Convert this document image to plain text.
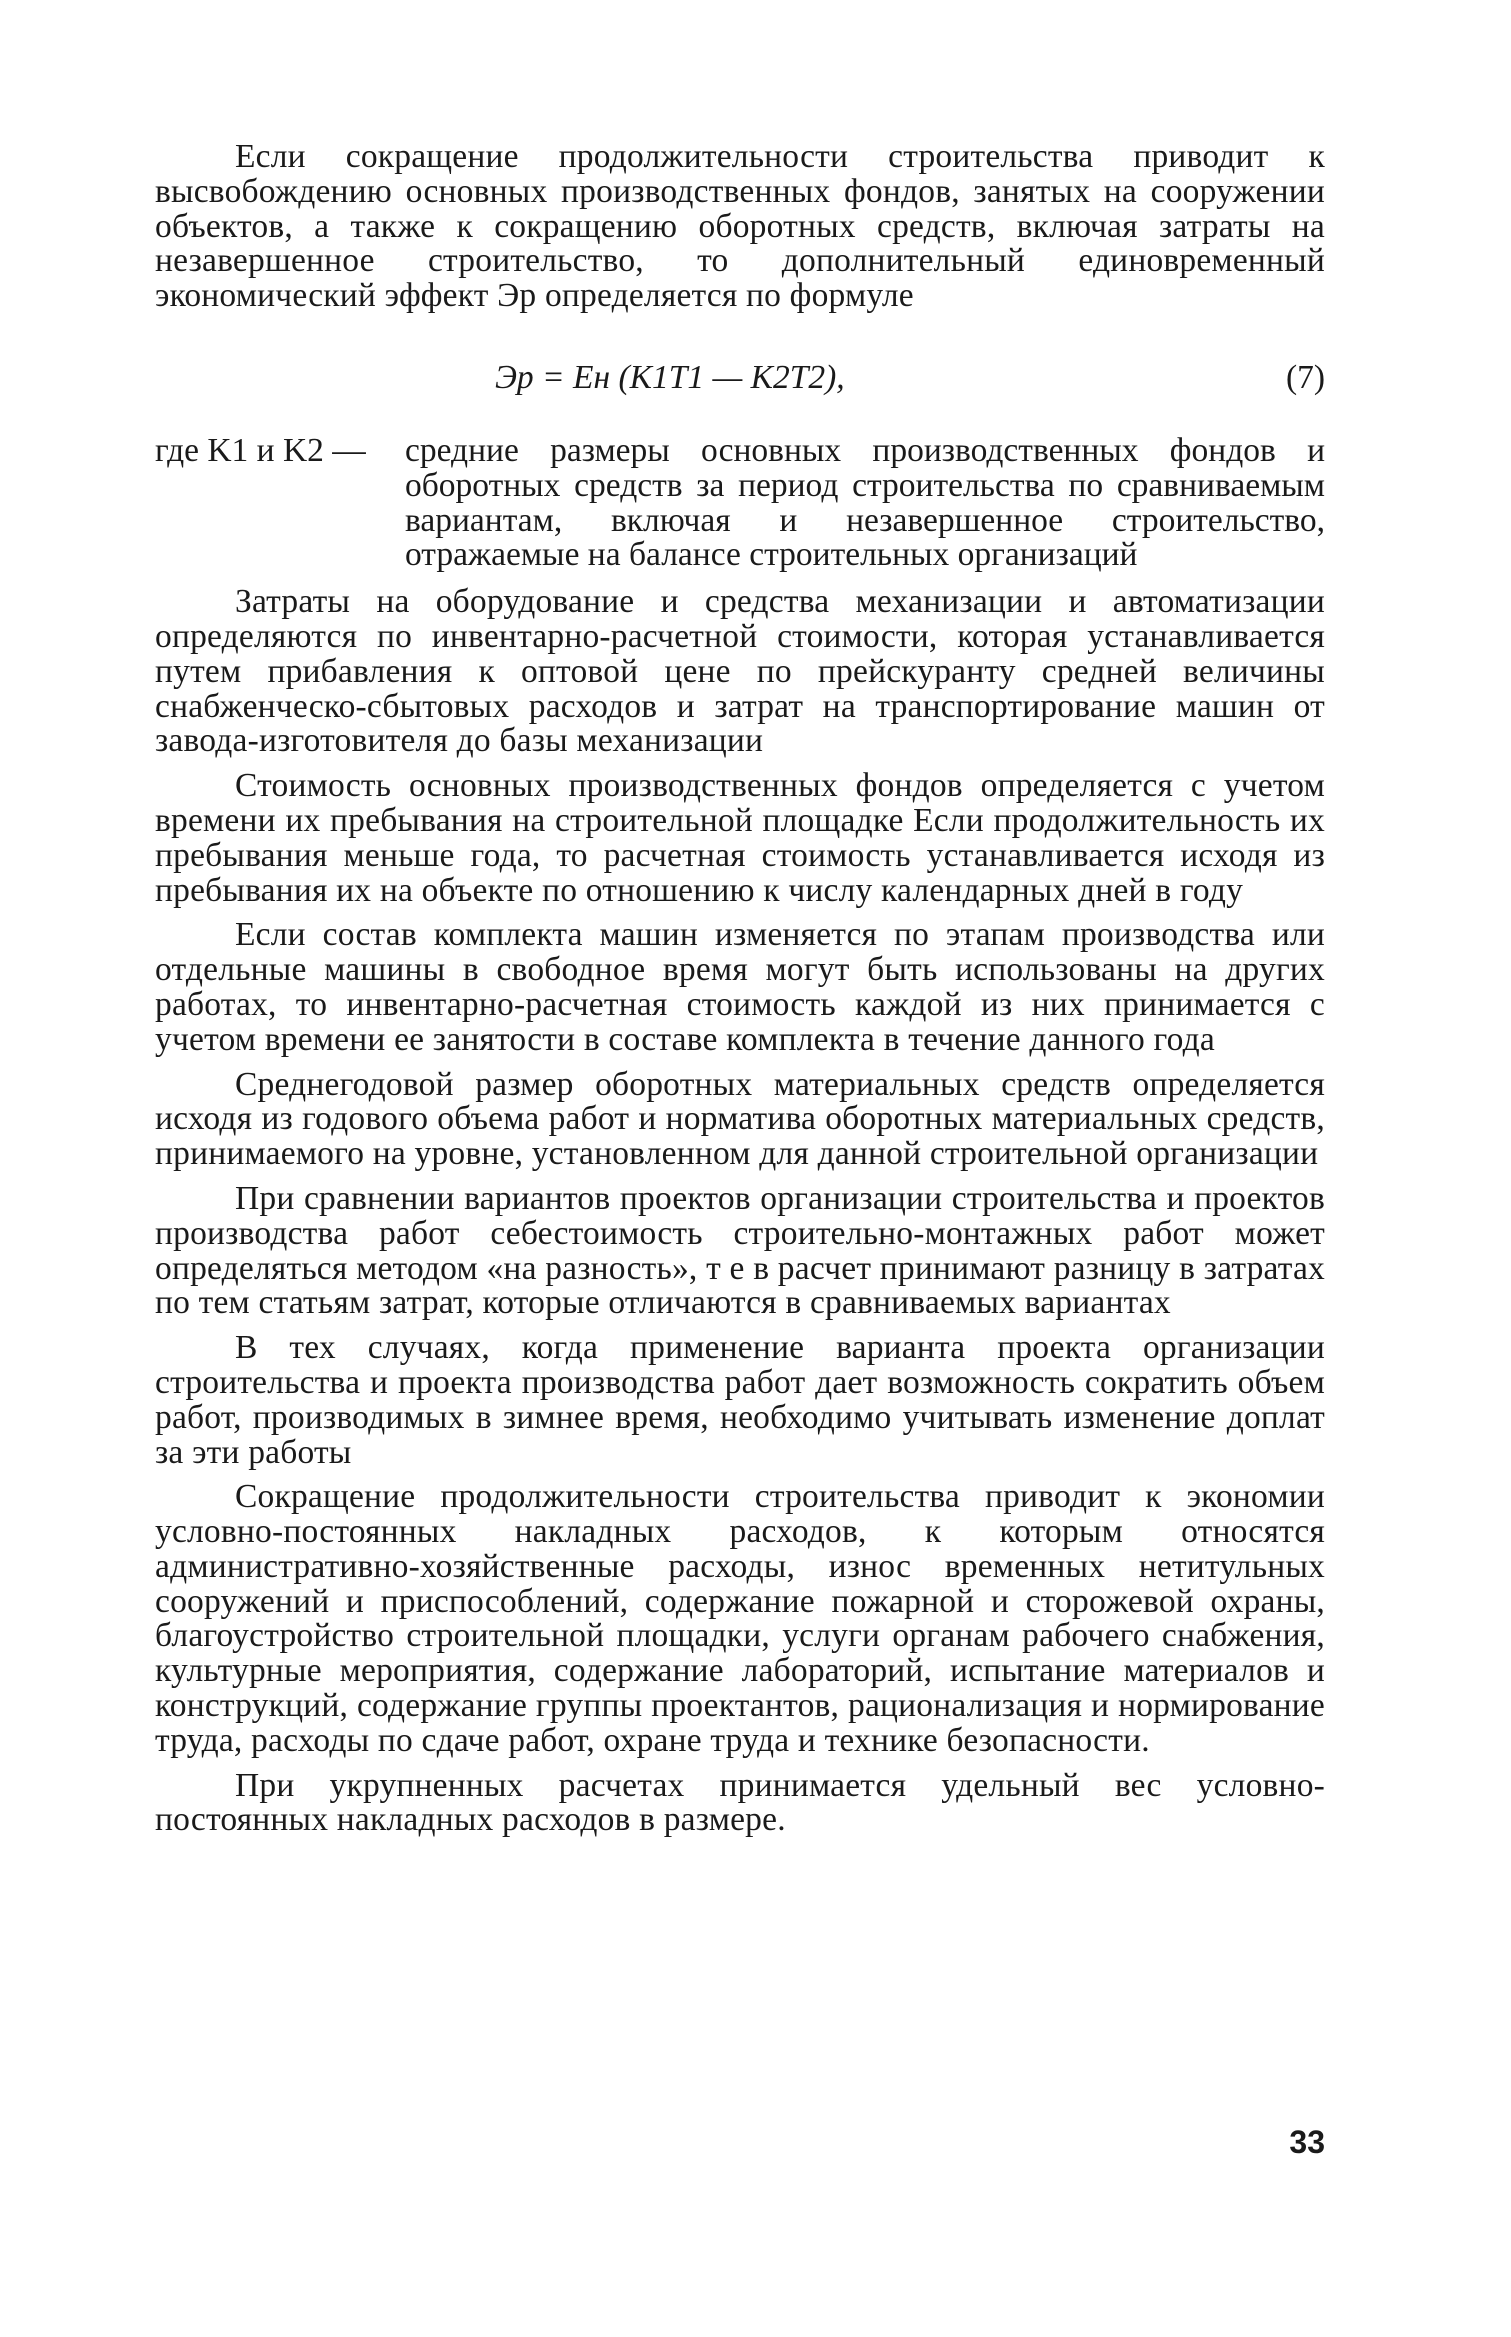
Если сокращение продолжительности строительства приводит к высвобождению основных производственных фондов, занятых на сооружении объектов, а также к сокращению оборотных средств, включая затраты на незавершенное строительство, то дополнительный единовременный экономический эффект Эр определяется по формуле

Эр = Ен (K1T1 — K2T2),	(7)
где K1 и K2 —	средние размеры основных производственных фондов и оборотных средств за период строительства по сравниваемым вариантам, включая и незавершенное строительство, отражаемые на балансе строительных организаций

Затраты на оборудование и средства механизации и автоматизации определяются по инвентарно-расчетной стоимости, которая устанавливается путем прибавления к оптовой цене по прейскуранту средней величины снабженческо-сбытовых расходов и затрат на транспортирование машин от завода-изготовителя до базы механизации

Стоимость основных производственных фондов определяется с учетом времени их пребывания на строительной площадке Если продолжительность их пребывания меньше года, то расчетная стоимость устанавливается исходя из пребывания их на объекте по отношению к числу календарных дней в году

Если состав комплекта машин изменяется по этапам производства или отдельные машины в свободное время могут быть использованы на других работах, то инвентарно-расчетная стоимость каждой из них принимается с учетом времени ее занятости в составе комплекта в течение данного года

Среднегодовой размер оборотных материальных средств определяется исходя из годового объема работ и норматива оборотных материальных средств, принимаемого на уровне, установленном для данной строительной организации

При сравнении вариантов проектов организации строительства и проектов производства работ себестоимость строительно-монтажных работ может определяться методом «на разность», т е в расчет принимают разницу в затратах по тем статьям затрат, которые отличаются в сравниваемых вариантах

В тех случаях, когда применение варианта проекта организации строительства и проекта производства работ дает возможность сократить объем работ, производимых в зимнее время, необходимо учитывать изменение доплат за эти работы

Сокращение продолжительности строительства приводит к экономии условно-постоянных накладных расходов, к которым относятся административно-хозяйственные расходы, износ временных нетитульных сооружений и приспособлений, содержание пожарной и сторожевой охраны, благоустройство строительной площадки, услуги органам рабочего снабжения, культурные мероприятия, содержание лабораторий, испытание материалов и конструкций, содержание группы проектантов, рационализация и нормирование труда, расходы по сдаче работ, охране труда и технике безопасности.

При укрупненных расчетах принимается удельный вес условно-постоянных накладных расходов в размере.

33
